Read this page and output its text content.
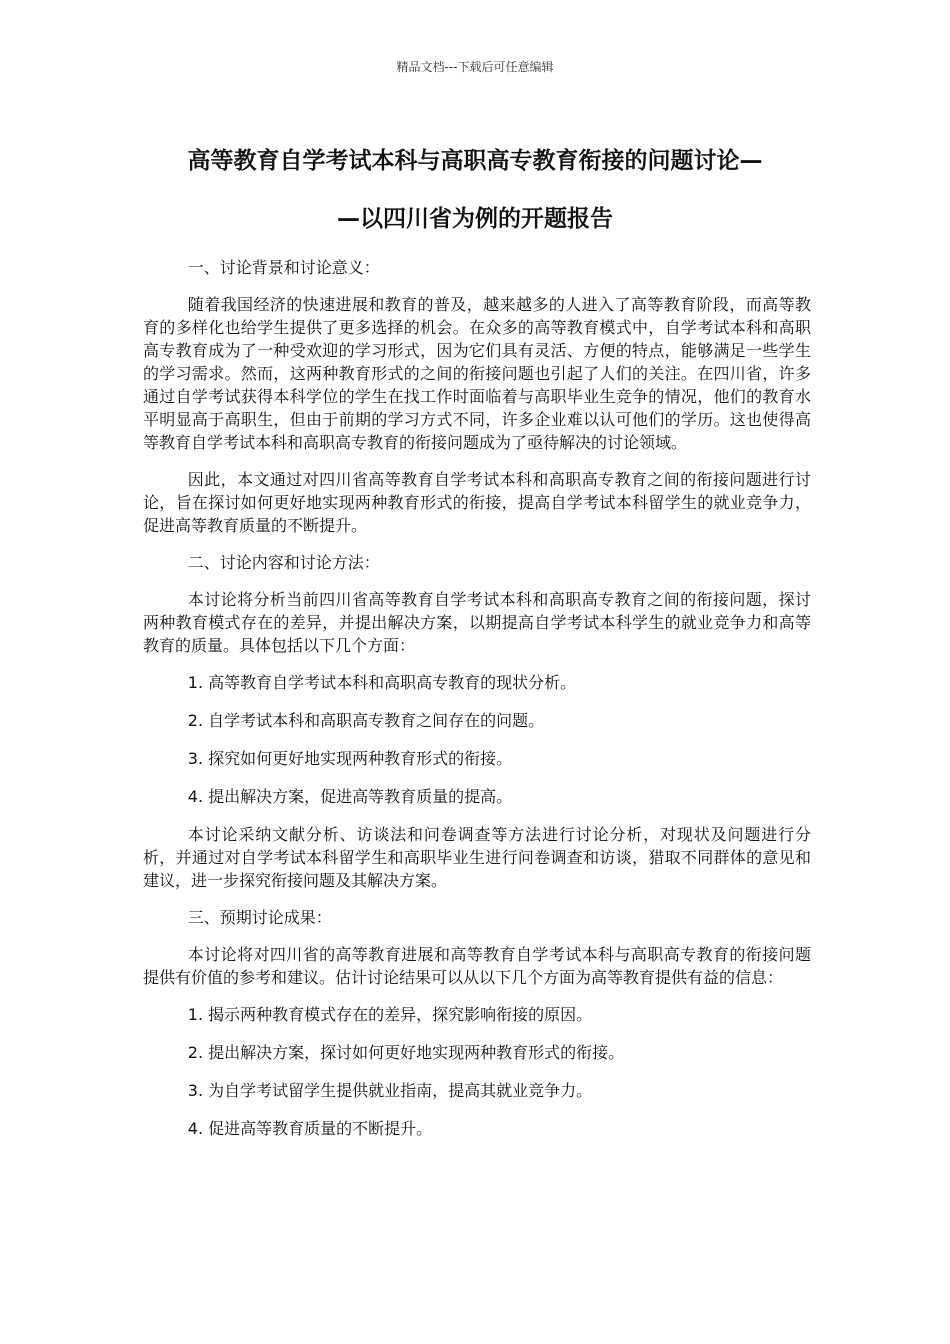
精品文档---下载后可任意编辑
高等教育自学考试本科与高职高专教育衔接的问题讨论—
—以四川省为例的开题报告

一、讨论背景和讨论意义：

随着我国经济的快速进展和教育的普及，越来越多的人进入了高等教育阶段，而高等教育的多样化也给学生提供了更多选择的机会。在众多的高等教育模式中，自学考试本科和高职高专教育成为了一种受欢迎的学习形式，因为它们具有灵活、方便的特点，能够满足一些学生的学习需求。然而，这两种教育形式的之间的衔接问题也引起了人们的关注。在四川省，许多通过自学考试获得本科学位的学生在找工作时面临着与高职毕业生竞争的情况，他们的教育水平明显高于高职生，但由于前期的学习方式不同，许多企业难以认可他们的学历。这也使得高等教育自学考试本科和高职高专教育的衔接问题成为了亟待解决的讨论领域。

因此，本文通过对四川省高等教育自学考试本科和高职高专教育之间的衔接问题进行讨论，旨在探讨如何更好地实现两种教育形式的衔接，提高自学考试本科留学生的就业竞争力，促进高等教育质量的不断提升。

二、讨论内容和讨论方法：

本讨论将分析当前四川省高等教育自学考试本科和高职高专教育之间的衔接问题，探讨两种教育模式存在的差异，并提出解决方案，以期提高自学考试本科学生的就业竞争力和高等教育的质量。具体包括以下几个方面：

1. 高等教育自学考试本科和高职高专教育的现状分析。

2. 自学考试本科和高职高专教育之间存在的问题。

3. 探究如何更好地实现两种教育形式的衔接。

4. 提出解决方案，促进高等教育质量的提高。

本讨论采纳文献分析、访谈法和问卷调查等方法进行讨论分析，对现状及问题进行分析，并通过对自学考试本科留学生和高职毕业生进行问卷调查和访谈，猎取不同群体的意见和建议，进一步探究衔接问题及其解决方案。

三、预期讨论成果：

本讨论将对四川省的高等教育进展和高等教育自学考试本科与高职高专教育的衔接问题提供有价值的参考和建议。估计讨论结果可以从以下几个方面为高等教育提供有益的信息：

1. 揭示两种教育模式存在的差异，探究影响衔接的原因。

2. 提出解决方案，探讨如何更好地实现两种教育形式的衔接。

3. 为自学考试留学生提供就业指南，提高其就业竞争力。

4. 促进高等教育质量的不断提升。
